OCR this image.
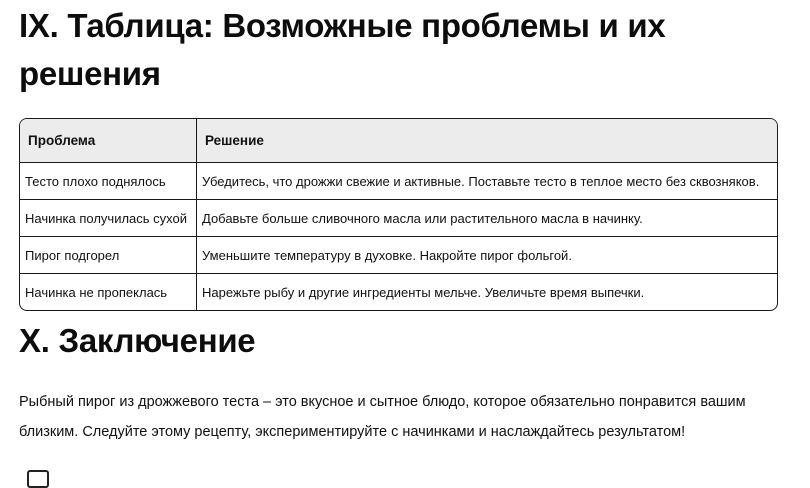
IX. Таблица: Возможные проблемы и их решения
Проблема	Решение
Тесто плохо поднялось	Убедитесь, что дрожжи свежие и активные. Поставьте тесто в теплое место без сквозняков.
Начинка получилась сухой	Добавьте больше сливочного масла или растительного масла в начинку.
Пирог подгорел	Уменьшите температуру в духовке. Накройте пирог фольгой.
Начинка не пропеклась	Нарежьте рыбу и другие ингредиенты мельче. Увеличьте время выпечки.
X. Заключение

Рыбный пирог из дрожжевого теста – это вкусное и сытное блюдо, которое обязательно понравится вашим близким. Следуйте этому рецепту, экспериментируйте с начинками и наслаждайтесь результатом!
